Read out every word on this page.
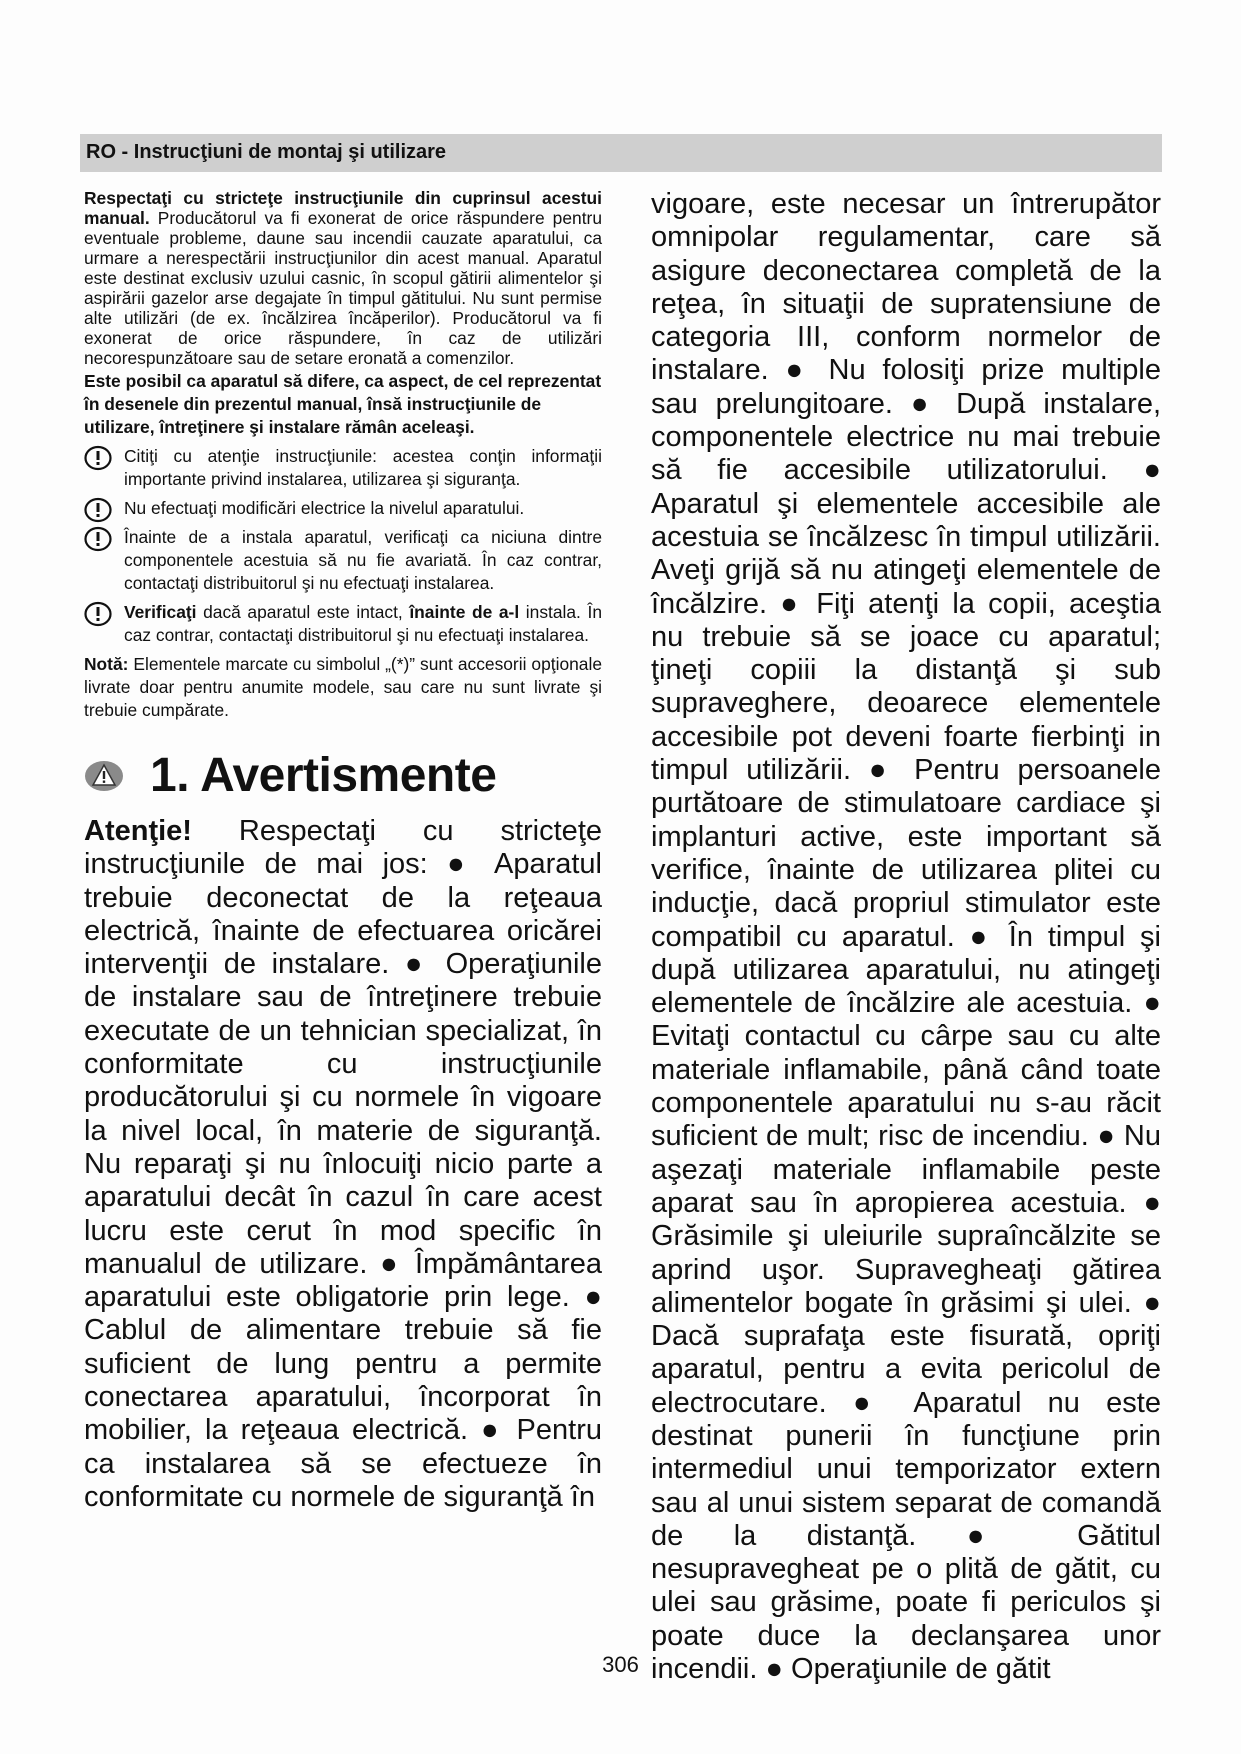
RO - Instrucţiuni de montaj şi utilizare

Respectaţi cu stricteţe instrucţiunile din cuprinsul acestui manual. Producătorul va fi exonerat de orice răspundere pentru eventuale probleme, daune sau incendii cauzate aparatului, ca urmare a nerespectării instrucţiunilor din acest manual. Aparatul este destinat exclusiv uzului casnic, în scopul gătirii alimentelor şi aspirării gazelor arse degajate în timpul gătitului. Nu sunt permise alte utilizări (de ex. încălzirea încăperilor). Producătorul va fi exonerat de orice răspundere, în caz de utilizări necorespunzătoare sau de setare eronată a comenzilor.

Este posibil ca aparatul să difere, ca aspect, de cel reprezentat în desenele din prezentul manual, însă instrucţiunile de utilizare, întreţinere şi instalare rămân aceleaşi.

Citiţi cu atenţie instrucţiunile: acestea conţin informaţii importante privind instalarea, utilizarea şi siguranţa.
Nu efectuaţi modificări electrice la nivelul aparatului.
Înainte de a instala aparatul, verificaţi ca niciuna dintre componentele acestuia să nu fie avariată. În caz contrar, contactaţi distribuitorul şi nu efectuaţi instalarea.
Verificaţi dacă aparatul este intact, înainte de a-l instala. În caz contrar, contactaţi distribuitorul şi nu efectuaţi instalarea.

Notă: Elementele marcate cu simbolul „(*)” sunt accesorii opţionale livrate doar pentru anumite modele, sau care nu sunt livrate şi trebuie cumpărate.

1. Avertismente

Atenţie! Respectaţi cu stricteţe instrucţiunile de mai jos: ● Aparatul trebuie deconectat de la reţeaua electrică, înainte de efectuarea oricărei intervenţii de instalare. ● Operaţiunile de instalare sau de întreţinere trebuie executate de un tehnician specializat, în conformitate cu instrucţiunile producătorului şi cu normele în vigoare la nivel local, în materie de siguranţă. Nu reparaţi şi nu înlocuiţi nicio parte a aparatului decât în cazul în care acest lucru este cerut în mod specific în manualul de utilizare. ● Împământarea aparatului este obligatorie prin lege. ● Cablul de alimentare trebuie să fie suficient de lung pentru a permite conectarea aparatului, încorporat în mobilier, la reţeaua electrică. ● Pentru ca instalarea să se efectueze în conformitate cu normele de siguranţă în

vigoare, este necesar un întrerupător omnipolar regulamentar, care să asigure deconectarea completă de la reţea, în situaţii de supratensiune de categoria III, conform normelor de instalare. ● Nu folosiţi prize multiple sau prelungitoare. ● După instalare, componentele electrice nu mai trebuie să fie accesibile utilizatorului. ● Aparatul şi elementele accesibile ale acestuia se încălzesc în timpul utilizării. Aveţi grijă să nu atingeţi elementele de încălzire. ● Fiţi atenţi la copii, aceştia nu trebuie să se joace cu aparatul; ţineţi copiii la distanţă şi sub supraveghere, deoarece elementele accesibile pot deveni foarte fierbinţi in timpul utilizării. ● Pentru persoanele purtătoare de stimulatoare cardiace şi implanturi active, este important să verifice, înainte de utilizarea plitei cu inducţie, dacă propriul stimulator este compatibil cu aparatul. ● În timpul şi după utilizarea aparatului, nu atingeţi elementele de încălzire ale acestuia. ● Evitaţi contactul cu cârpe sau cu alte materiale inflamabile, până când toate componentele aparatului nu s-au răcit suficient de mult; risc de incendiu. ● Nu aşezaţi materiale inflamabile peste aparat sau în apropierea acestuia. ● Grăsimile şi uleiurile supraîncălzite se aprind uşor. Supravegheaţi gătirea alimentelor bogate în grăsimi şi ulei. ● Dacă suprafaţa este fisurată, opriţi aparatul, pentru a evita pericolul de electrocutare. ● Aparatul nu este destinat punerii în funcţiune prin intermediul unui temporizator extern sau al unui sistem separat de comandă de la distanţă. ● Gătitul nesupravegheat pe o plită de gătit, cu ulei sau grăsime, poate fi periculos şi poate duce la declanşarea unor incendii. ● Operaţiunile de gătit

306
